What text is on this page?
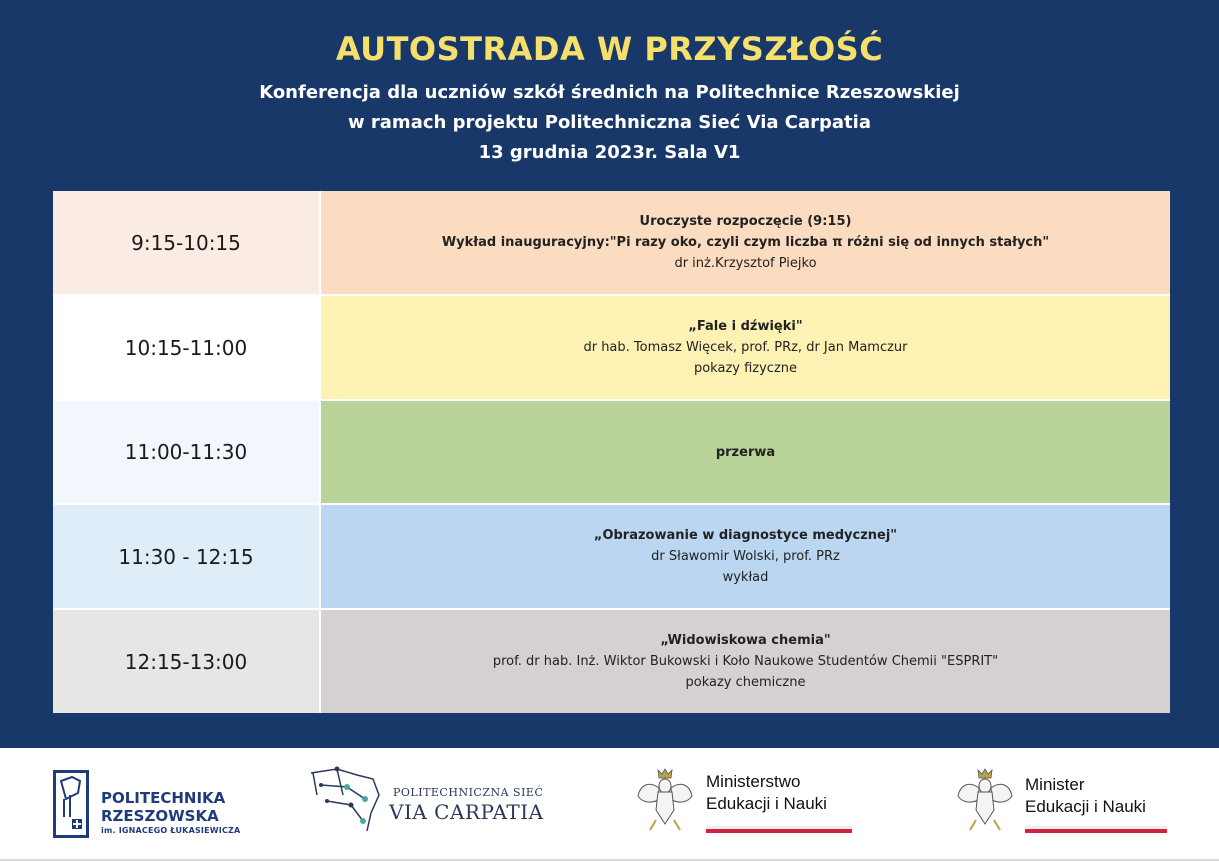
AUTOSTRADA W PRZYSZŁOŚĆ
Konferencja dla uczniów szkół średnich na Politechnice Rzeszowskiej
w ramach projektu Politechniczna Sieć Via Carpatia
13 grudnia 2023r. Sala V1
9:15-10:15
Uroczyste rozpoczęcie (9:15)
Wykład inauguracyjny:"Pi razy oko, czyli czym liczba π różni się od innych stałych"
dr inż.Krzysztof Piejko
10:15-11:00
„Fale i dźwięki"
dr hab. Tomasz Więcek, prof. PRz, dr Jan Mamczur
pokazy fizyczne
11:00-11:30	przerwa
11:30 - 12:15
„Obrazowanie w diagnostyce medycznej"
dr Sławomir Wolski, prof. PRz
wykład
12:15-13:00
„Widowiskowa chemia"
prof. dr hab. Inż. Wiktor Bukowski i Koło Naukowe Studentów Chemii "ESPRIT"
pokazy chemiczne
POLITECHNIKA
RZESZOWSKA
im. IGNACEGO ŁUKASIEWICZA
POLITECHNICZNA SIEĆ
VIA CARPATIA
Ministerstwo
Edukacji i Nauki
Minister
Edukacji i Nauki
